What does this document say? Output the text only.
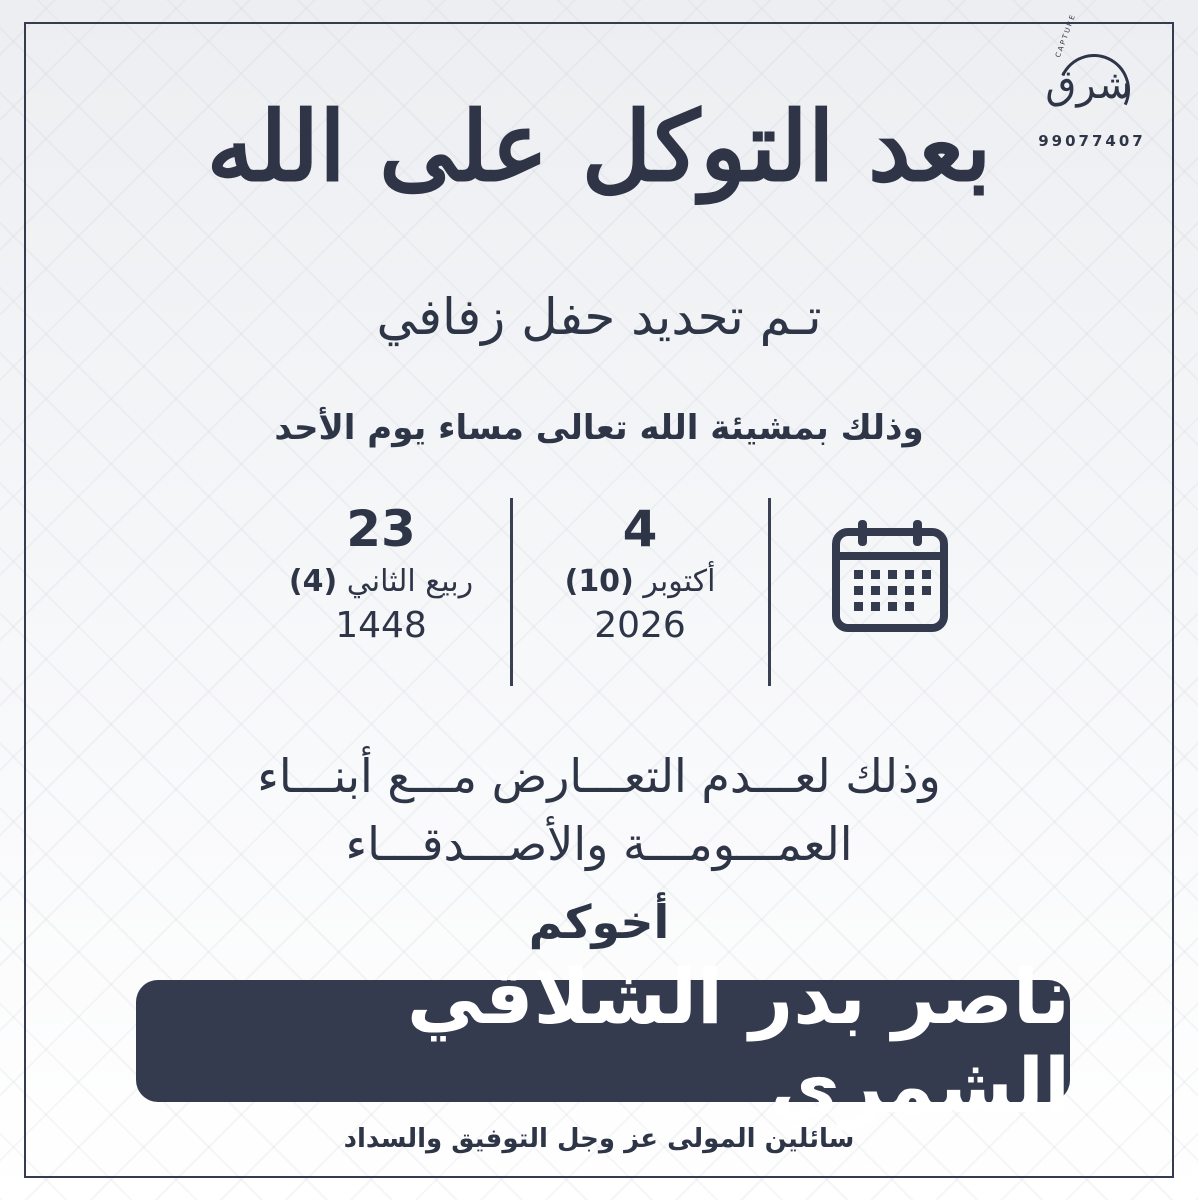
CAPTURE
شرق
99077407
بعد التوكل على الله
تـم تحديد حفل زفافي
وذلك بمشيئة الله تعالى مساء يوم الأحد
4
أكتوبر (10)
2026
23
ربيع الثاني (4)
1448
وذلك لعـــدم التعـــارض مـــع أبنـــاء
العمـــومـــة والأصـــدقـــاء
أخوكم
ناصر بدر الشلاقي الشمري
سائلين المولى عز وجل التوفيق والسداد
